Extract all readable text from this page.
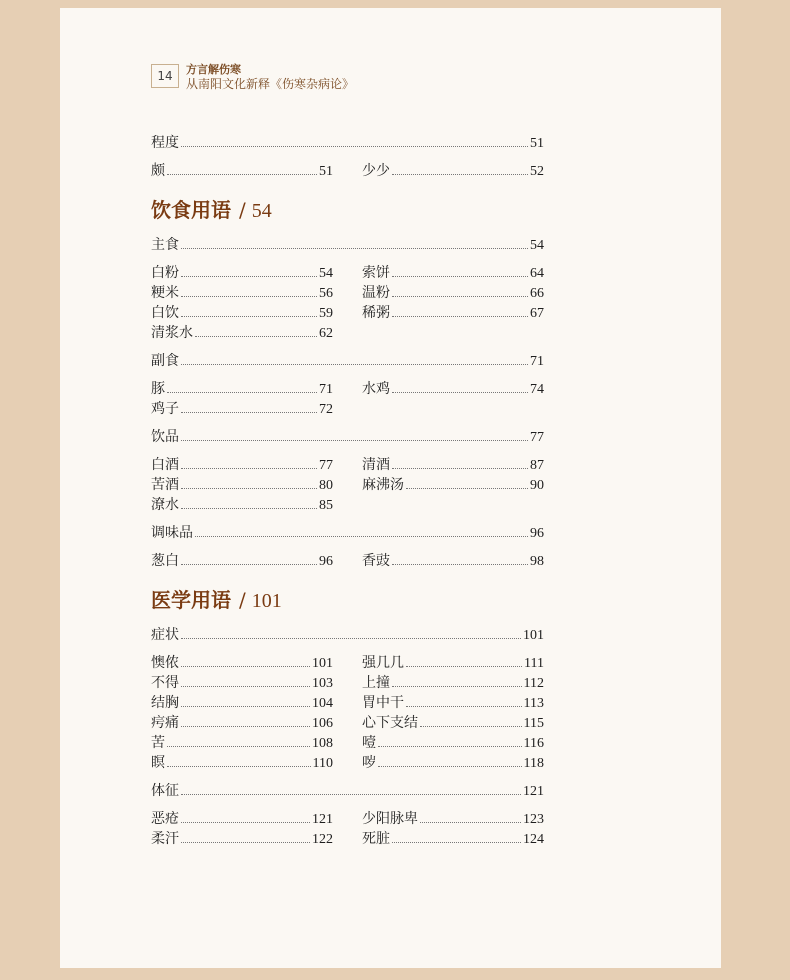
14	方言解伤寒
从南阳文化新释《伤寒杂病论》
程度	51
颇	51 少少	52
饮食用语 / 54
主食	54
白粉	54 索饼	64
粳米	56 温粉	66
白饮	59 稀粥	67
清浆水	62
副食	71
豚	71 水鸡	74
鸡子	72
饮品	77
白酒	77 清酒	87
苦酒	80 麻沸汤	90
潦水	85
调味品	96
葱白	96 香豉	98
医学用语 / 101
症状	101
懊侬	101 强几几	111
不得	103 上撞	112
结胸	104 胃中干	113
疞痛	106 心下支结	115
苦	108 噎	116
瞑	110 哕	118
体征	121
恶疮	121 少阳脉卑	123
柔汗	122 死脏	124
